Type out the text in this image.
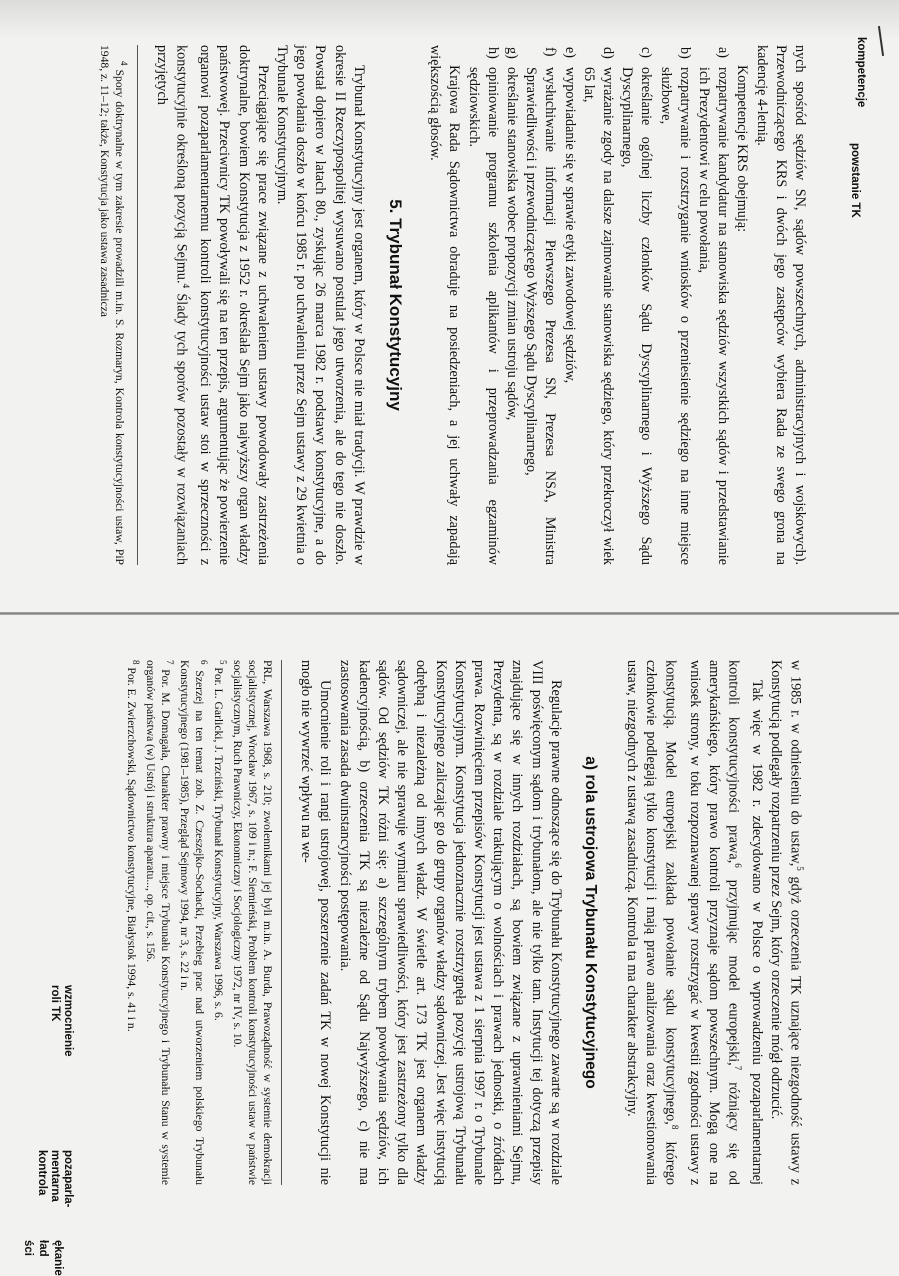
kompetencje
powstanie TK

nych spośród sędziów SN, sądów powszechnych, administracyjnych i wojskowych). Przewodniczącego KRS i dwóch jego zastępców wybiera Rada ze swego grona na kadencję 4-letnią.

Kompetencje KRS obejmują:

a)
rozpatrywanie kandydatur na stanowiska sędziów wszystkich sądów i przedstawianie ich Prezydentowi w celu powołania,
b)
rozpatrywanie i rozstrzyganie wniosków o przeniesienie sędziego na inne miejsce służbowe,
c)
określanie ogólnej liczby członków Sądu Dyscyplinarnego i Wyższego Sądu Dyscyplinarnego,
d)
wyrażanie zgody na dalsze zajmowanie stanowiska sędziego, który przekroczył wiek 65 lat,
e)
wypowiadanie się w sprawie etyki zawodowej sędziów,
f)
wysłuchiwanie informacji Pierwszego Prezesa SN, Prezesa NSA, Ministra Sprawiedliwości i przewodniczącego Wyższego Sądu Dyscyplinarnego,
g)
określanie stanowiska wobec propozycji zmian ustroju sądów,
h)
opiniowanie programu szkolenia aplikantów i przeprowadzania egzaminów sędziowskich.

Krajowa Rada Sądownictwa obraduje na posiedzeniach, a jej uchwały zapadają większością głosów.

5. Trybunał Konstytucyjny

Trybunał Konstytucyjny jest organem, który w Polsce nie miał tradycji. W prawdzie w okresie II Rzeczypospolitej wysuwano postulat jego utworzenia, ale do tego nie doszło. Powstał dopiero w latach 80., zyskując 26 marca 1982 r. podstawy konstytucyjne, a do jego powołania doszło w końcu 1985 r. po uchwaleniu przez Sejm ustawy z 29 kwietnia o Trybunale Konstytucyjnym.

Przeciągające się prace związane z uchwaleniem ustawy powodowały zastrzeżenia doktrynalne, bowiem Konstytucja z 1952 r. określała Sejm jako najwyższy organ władzy państwowej. Przeciwnicy TK powoływali się na ten przepis, argumentując że powierzenie organowi pozaparlamentarnemu kontroli konstytucyjności ustaw stoi w sprzeczności z konstytucyjnie określoną pozycją Sejmu.$^4$ Ślady tych sporów pozostały w rozwiązaniach przyjętych

$^4$ Spory doktrynalne w tym zakresie prowadzili m.in. S. Rozmaryn, Kontrola konstytucyjności ustaw, PiP 1948, z. 11–12; także, Konstytucja jako ustawa zasadnicza

w 1985 r. w odniesieniu do ustaw,$^5$ gdyż orzeczenia TK uznające niezgodność ustawy z Konstytucją podlegały rozpatrzeniu przez Sejm, który orzeczenie mógł odrzucić.

Tak więc w 1982 r. zdecydowano w Polsce o wprowadzeniu pozaparlamentarnej kontroli konstytucyjności prawa,$^6$ przyjmując model europejski,$^7$ różniący się od amerykańskiego, który prawo kontroli przyznaje sądom powszechnym. Mogą one na wniosek strony, w toku rozpoznawanej sprawy rozstrzygać w kwestii zgodności ustawy z konstytucją. Model europejski zakłada powołanie sądu konstytucyjnego,$^8$ którego członkowie podlegają tylko konstytucji i mają prawo analizowania oraz kwestionowania ustaw, niezgodnych z ustawą zasadniczą. Kontrola ta ma charakter abstrakcyjny.

a) rola ustrojowa Trybunału Konstytucyjnego

Regulacje prawne odnoszące się do Trybunału Konstytucyjnego zawarte są w rozdziale VIII poświęconym sądom i trybunałom, ale nie tylko tam. Instytucji tej dotyczą przepisy znajdujące się w innych rozdziałach, są bowiem związane z uprawnieniami Sejmu, Prezydenta, są w rozdziale traktującym o wolnościach i prawach jednostki, o źródłach prawa. Rozwinięciem przepisów Konstytucji jest ustawa z 1 sierpnia 1997 r. o Trybunale Konstytucyjnym. Konstytucja jednoznacznie rozstrzygnęła pozycję ustrojową Trybunału Konstytucyjnego zaliczając go do grupy organów władzy sądowniczej. Jest więc instytucją odrębną i niezależną od innych władz. W świetle art. 173 TK jest organem władzy sądowniczej, ale nie sprawuje wymiaru sprawiedliwości, który jest zastrzeżony tylko dla sądów. Od sędziów TK różni się: a) szczególnym trybem powoływania sędziów, ich kadencyjnością, b) orzeczenia TK są niezależne od Sądu Najwyższego, c) nie ma zastosowania zasada dwuinstancyjności postępowania.

Umocnienie roli i rangi ustrojowej, poszerzenie zadań TK w nowej Konstytucji nie mogło nie wywrzeć wpływu na we-

PRL, Warszawa 1968, s. 210; zwolennikami jej byli m.in. A. Burda, Prawoządność w systemie demokracji socjalistycznej, Wrocław 1967, s. 109 i n.; F. Siemieński, Problem kontroli konstytucyjności ustaw w państwie socjalistycznym, Ruch Prawniczy, Ekonomiczny i Socjologiczny 1972, nr IV, s. 10.

$^5$ Por. L. Garlicki, J. Trzciński, Trybunał Konstytucyjny, Warszawa 1996, s. 6.

$^6$ Szerzej na ten temat zob. Z. Czeszejko–Sochacki, Przebieg prac nad utworzeniem polskiego Trybunału Konstytucyjnego (1981–1985), Przegląd Sejmowy 1994, nr 3, s. 22 i n.

$^7$ Por. M. Domagała, Charakter prawny i miejsce Trybunału Konstytucyjnego i Trybunału Stanu w systemie organów państwa (w) Ustrój i struktura aparatu..., op. cit., s. 156.

$^8$ Por. E. Zwierzchowski, Sądownictwo konstytucyjne, Białystok 1994, s. 41 i n.

pozaparla-
mentarna
kontrola
wzmocnienie
roli TK
ękanie
ład
ści
